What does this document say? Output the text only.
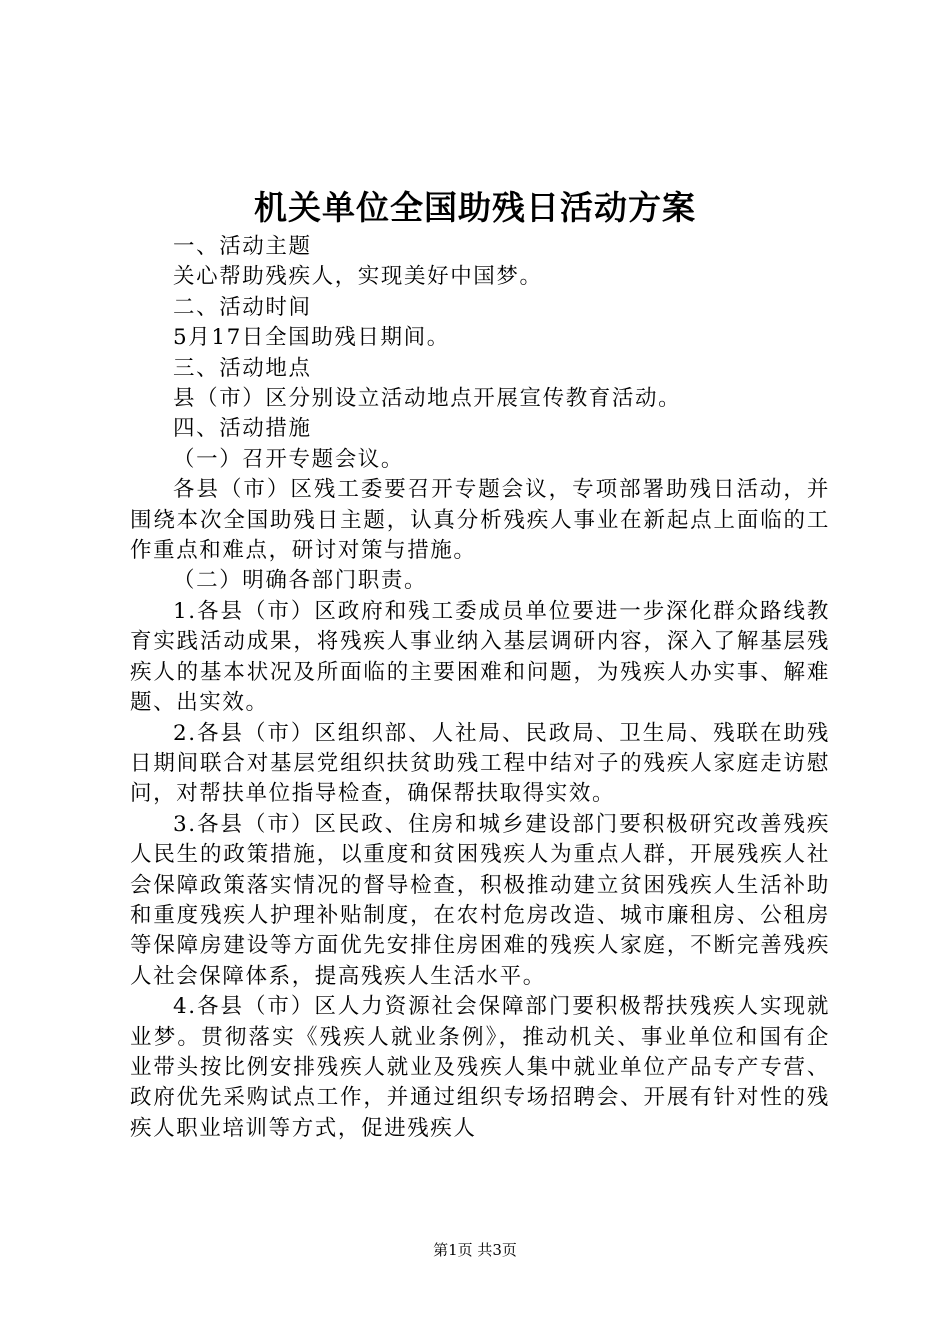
机关单位全国助残日活动方案

一、活动主题

关心帮助残疾人，实现美好中国梦。

二、活动时间

5月17日全国助残日期间。

三、活动地点

县（市）区分别设立活动地点开展宣传教育活动。

四、活动措施

（一）召开专题会议。

各县（市）区残工委要召开专题会议，专项部署助残日活动，并围绕本次全国助残日主题，认真分析残疾人事业在新起点上面临的工作重点和难点，研讨对策与措施。

（二）明确各部门职责。

1.各县（市）区政府和残工委成员单位要进一步深化群众路线教育实践活动成果，将残疾人事业纳入基层调研内容，深入了解基层残疾人的基本状况及所面临的主要困难和问题，为残疾人办实事、解难题、出实效。

2.各县（市）区组织部、人社局、民政局、卫生局、残联在助残日期间联合对基层党组织扶贫助残工程中结对子的残疾人家庭走访慰问，对帮扶单位指导检查，确保帮扶取得实效。

3.各县（市）区民政、住房和城乡建设部门要积极研究改善残疾人民生的政策措施，以重度和贫困残疾人为重点人群，开展残疾人社会保障政策落实情况的督导检查，积极推动建立贫困残疾人生活补助和重度残疾人护理补贴制度，在农村危房改造、城市廉租房、公租房等保障房建设等方面优先安排住房困难的残疾人家庭，不断完善残疾人社会保障体系，提高残疾人生活水平。

4.各县（市）区人力资源社会保障部门要积极帮扶残疾人实现就业梦。贯彻落实《残疾人就业条例》，推动机关、事业单位和国有企业带头按比例安排残疾人就业及残疾人集中就业单位产品专产专营、政府优先采购试点工作，并通过组织专场招聘会、开展有针对性的残疾人职业培训等方式，促进残疾人

第1页 共3页
